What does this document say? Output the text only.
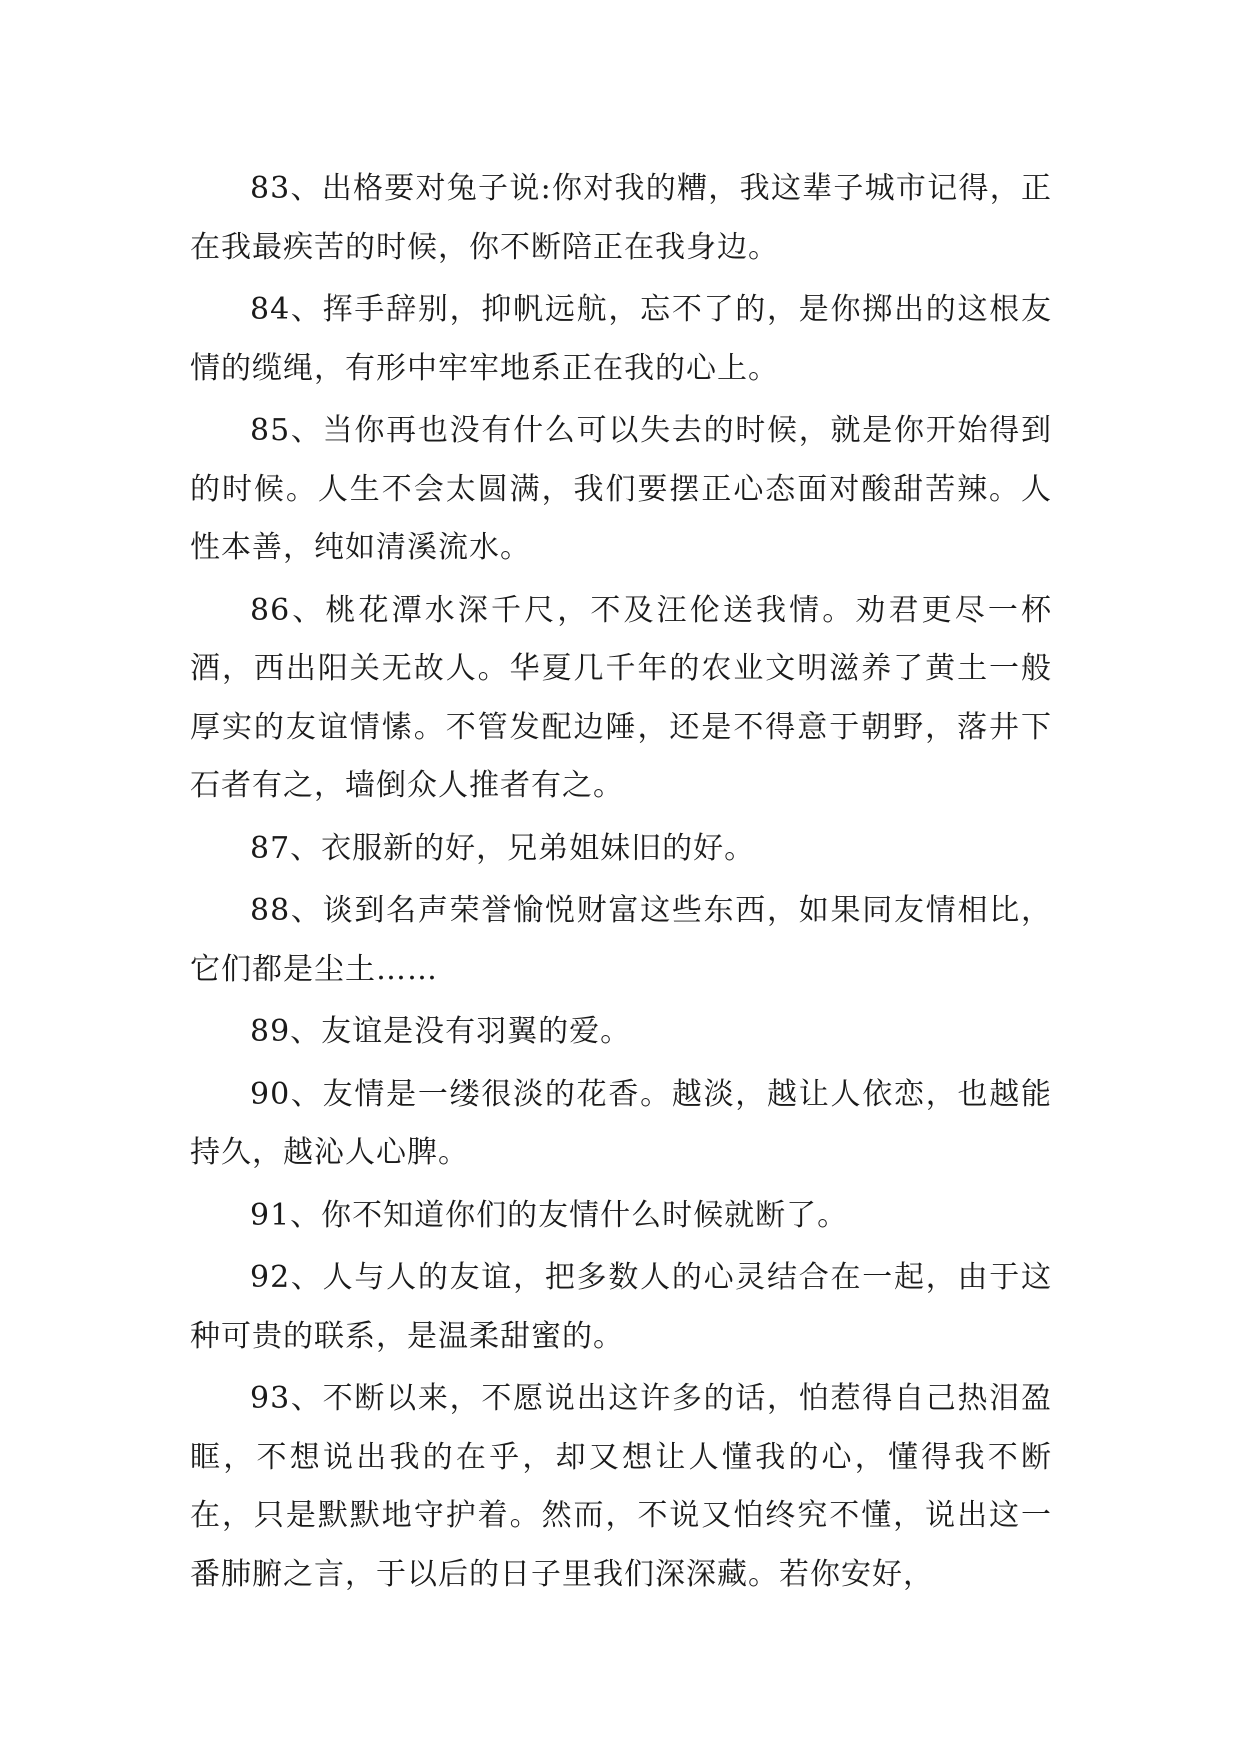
83、出格要对兔子说:你对我的糟，我这辈子城市记得，正在我最疾苦的时候，你不断陪正在我身边。

84、挥手辞别，抑帆远航，忘不了的，是你掷出的这根友情的缆绳，有形中牢牢地系正在我的心上。

85、当你再也没有什么可以失去的时候，就是你开始得到的时候。人生不会太圆满，我们要摆正心态面对酸甜苦辣。人性本善，纯如清溪流水。

86、桃花潭水深千尺，不及汪伦送我情。劝君更尽一杯酒，西出阳关无故人。华夏几千年的农业文明滋养了黄土一般厚实的友谊情愫。不管发配边陲，还是不得意于朝野，落井下石者有之，墙倒众人推者有之。

87、衣服新的好，兄弟姐妹旧的好。

88、谈到名声荣誉愉悦财富这些东西，如果同友情相比，它们都是尘土……

89、友谊是没有羽翼的爱。

90、友情是一缕很淡的花香。越淡，越让人依恋，也越能持久，越沁人心脾。

91、你不知道你们的友情什么时候就断了。

92、人与人的友谊，把多数人的心灵结合在一起，由于这种可贵的联系，是温柔甜蜜的。

93、不断以来，不愿说出这许多的话，怕惹得自己热泪盈眶，不想说出我的在乎，却又想让人懂我的心，懂得我不断在，只是默默地守护着。然而，不说又怕终究不懂，说出这一番肺腑之言，于以后的日子里我们深深藏。若你安好，
